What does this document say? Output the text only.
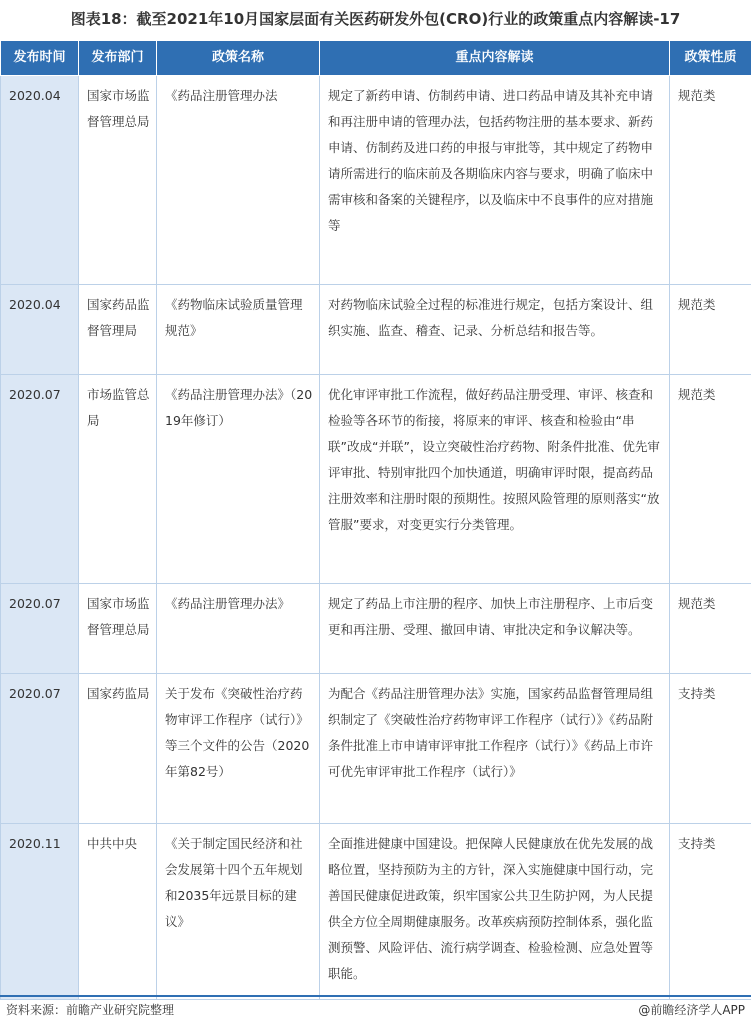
图表18：截至2021年10月国家层面有关医药研发外包(CRO)行业的政策重点内容解读-17
发布时间	发布部门	政策名称	重点内容解读	政策性质
2020.04	国家市场监督管理总局	《药品注册管理办法	规定了新药申请、仿制药申请、进口药品申请及其补充申请和再注册申请的管理办法，包括药物注册的基本要求、新药申请、仿制药及进口药的申报与审批等，其中规定了药物申请所需进行的临床前及各期临床内容与要求，明确了临床中需审核和备案的关键程序，以及临床中不良事件的应对措施等	规范类
2020.04	国家药品监督管理局	《药物临床试验质量管理规范》	对药物临床试验全过程的标准进行规定，包括方案设计、组织实施、监查、稽查、记录、分析总结和报告等。	规范类
2020.07	市场监管总局	《药品注册管理办法》（2019年修订）	优化审评审批工作流程，做好药品注册受理、审评、核查和检验等各环节的衔接，将原来的审评、核查和检验由“串联”改成“并联”，设立突破性治疗药物、附条件批准、优先审评审批、特别审批四个加快通道，明确审评时限，提高药品注册效率和注册时限的预期性。按照风险管理的原则落实“放管服”要求，对变更实行分类管理。	规范类
2020.07	国家市场监督管理总局	《药品注册管理办法》	规定了药品上市注册的程序、加快上市注册程序、上市后变更和再注册、受理、撤回申请、审批决定和争议解决等。	规范类
2020.07	国家药监局	关于发布《突破性治疗药物审评工作程序（试行）》等三个文件的公告（2020年第82号）	为配合《药品注册管理办法》实施，国家药品监督管理局组织制定了《突破性治疗药物审评工作程序（试行）》《药品附条件批准上市申请审评审批工作程序（试行）》《药品上市许可优先审评审批工作程序（试行）》	支持类
2020.11	中共中央	《关于制定国民经济和社会发展第十四个五年规划和2035年远景目标的建议》	全面推进健康中国建设。把保障人民健康放在优先发展的战略位置，坚持预防为主的方针，深入实施健康中国行动，完善国民健康促进政策，织牢国家公共卫生防护网，为人民提供全方位全周期健康服务。改革疾病预防控制体系，强化监测预警、风险评估、流行病学调查、检验检测、应急处置等职能。	支持类
资料来源：前瞻产业研究院整理	@前瞻经济学人APP
